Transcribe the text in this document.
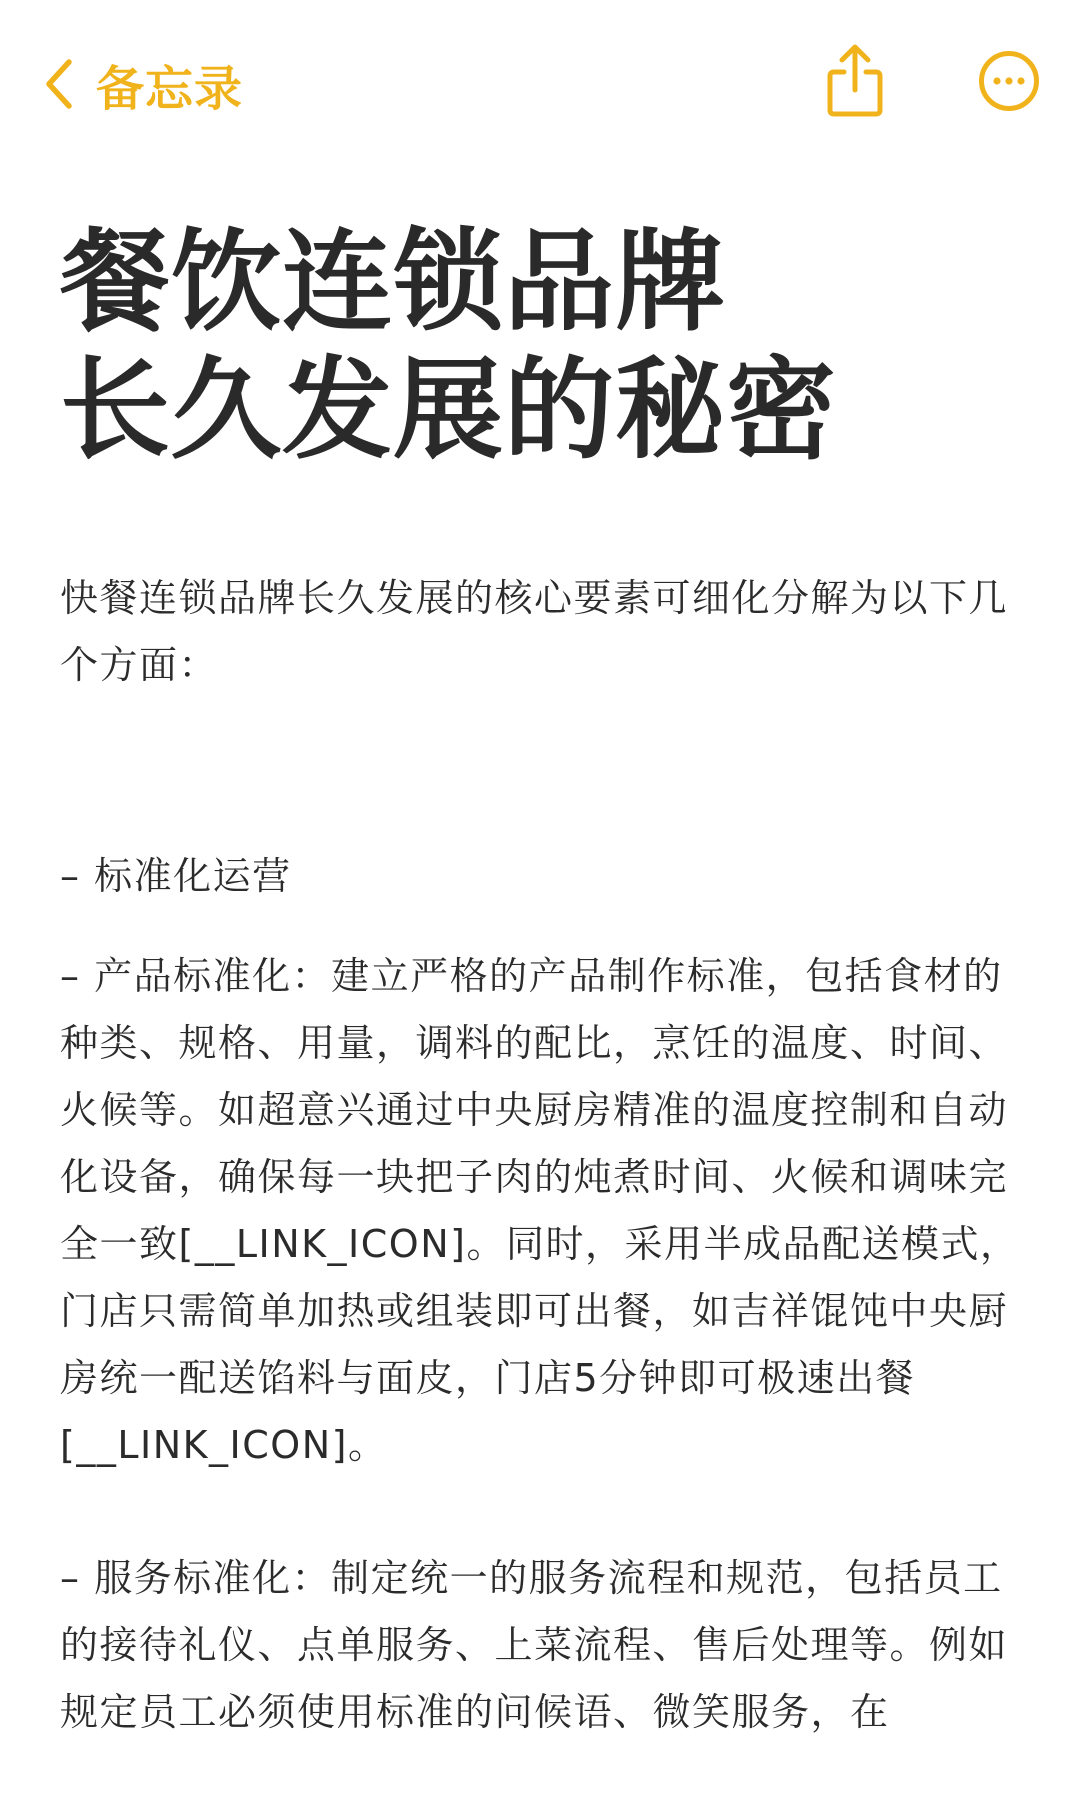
备忘录
餐饮连锁品牌
长久发展的秘密

快餐连锁品牌长久发展的核心要素可细化分解为以下几个方面：

– 标准化运营

– 产品标准化：建立严格的产品制作标准，包括食材的种类、规格、用量，调料的配比，烹饪的温度、时间、火候等。如超意兴通过中央厨房精准的温度控制和自动化设备，确保每一块把子肉的炖煮时间、火候和调味完全一致[__LINK_ICON]。同时，采用半成品配送模式，门店只需简单加热或组装即可出餐，如吉祥馄饨中央厨房统一配送馅料与面皮，门店5分钟即可极速出餐[__LINK_ICON]。

– 服务标准化：制定统一的服务流程和规范，包括员工的接待礼仪、点单服务、上菜流程、售后处理等。例如规定员工必须使用标准的问候语、微笑服务，在
